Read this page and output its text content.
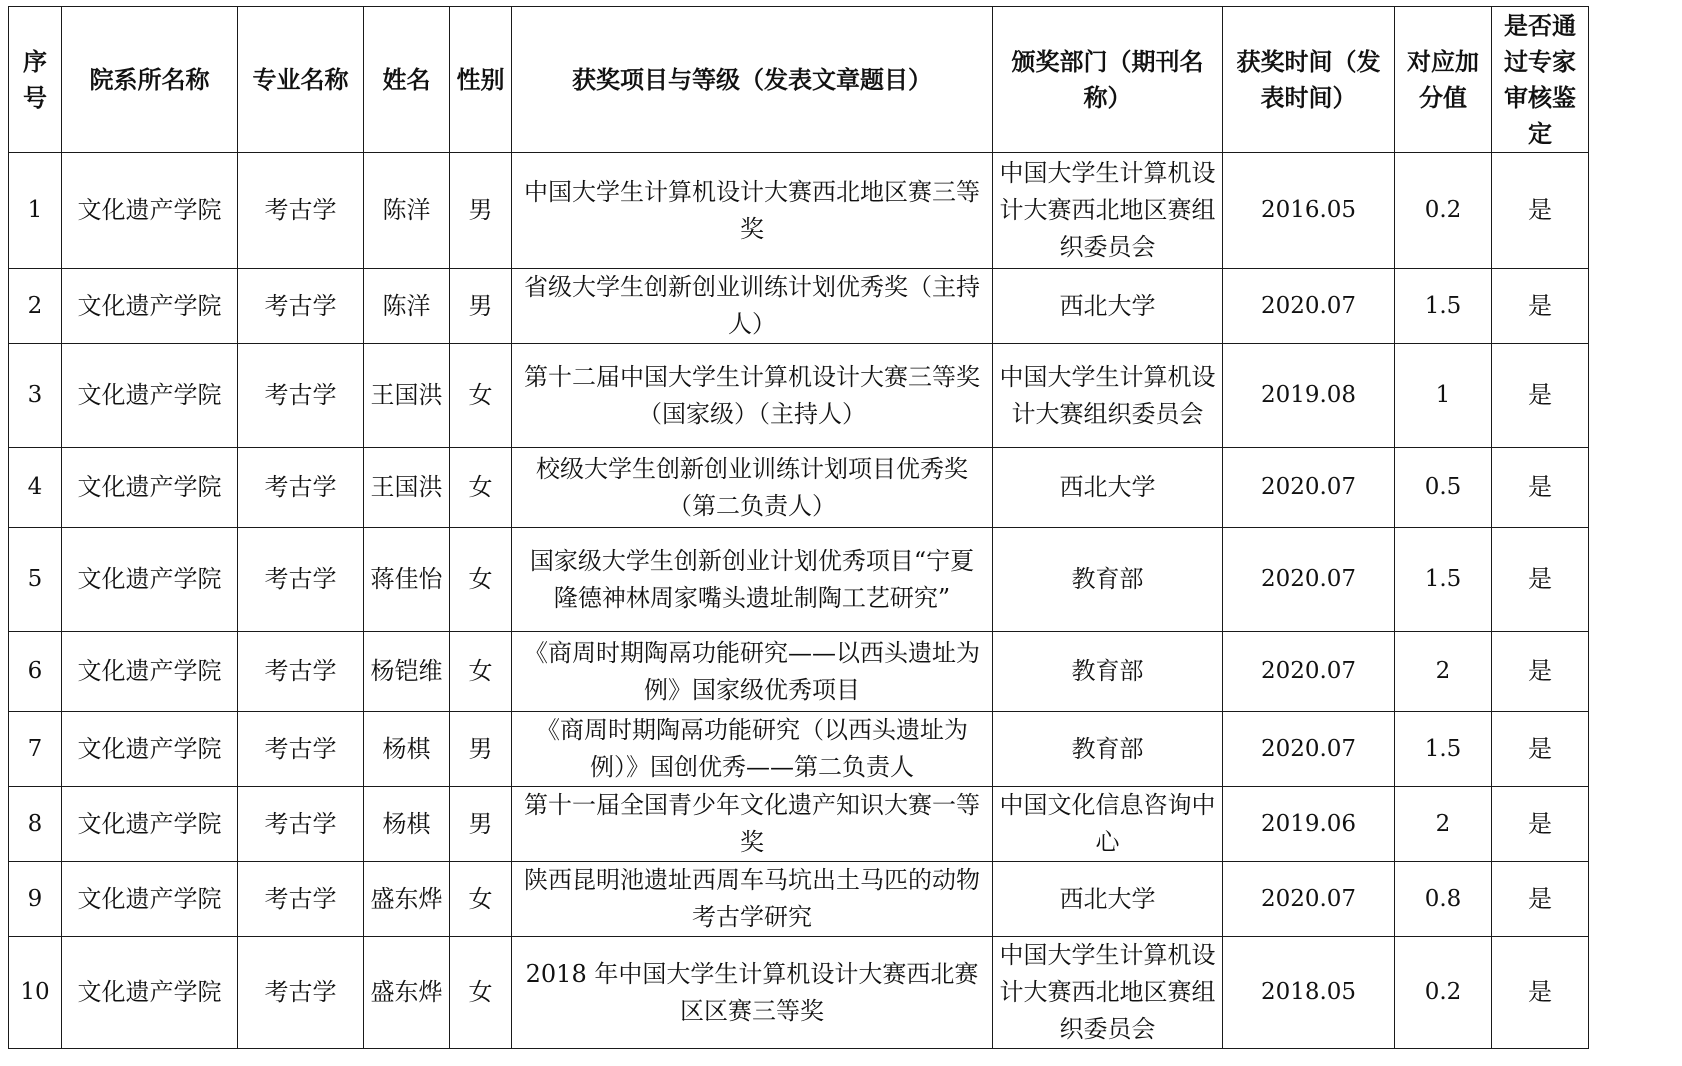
序号	院系所名称	专业名称	姓名	性别	获奖项目与等级（发表文章题目）	颁奖部门（期刊名称）	获奖时间（发表时间）	对应加分值	是否通过专家审核鉴定
1	文化遗产学院	考古学	陈洋	男	中国大学生计算机设计大赛西北地区赛三等奖	中国大学生计算机设计大赛西北地区赛组织委员会	2016.05	0.2	是
2	文化遗产学院	考古学	陈洋	男	省级大学生创新创业训练计划优秀奖（主持人）	西北大学	2020.07	1.5	是
3	文化遗产学院	考古学	王国洪	女	第十二届中国大学生计算机设计大赛三等奖（国家级）（主持人）	中国大学生计算机设计大赛组织委员会	2019.08	1	是
4	文化遗产学院	考古学	王国洪	女	校级大学生创新创业训练计划项目优秀奖（第二负责人）	西北大学	2020.07	0.5	是
5	文化遗产学院	考古学	蒋佳怡	女	国家级大学生创新创业计划优秀项目“宁夏隆德神林周家嘴头遗址制陶工艺研究”	教育部	2020.07	1.5	是
6	文化遗产学院	考古学	杨铠维	女	《商周时期陶鬲功能研究——以西头遗址为例》国家级优秀项目	教育部	2020.07	2	是
7	文化遗产学院	考古学	杨棋	男	《商周时期陶鬲功能研究（以西头遗址为例）》国创优秀——第二负责人	教育部	2020.07	1.5	是
8	文化遗产学院	考古学	杨棋	男	第十一届全国青少年文化遗产知识大赛一等奖	中国文化信息咨询中心	2019.06	2	是
9	文化遗产学院	考古学	盛东烨	女	陕西昆明池遗址西周车马坑出土马匹的动物考古学研究	西北大学	2020.07	0.8	是
10	文化遗产学院	考古学	盛东烨	女	2018 年中国大学生计算机设计大赛西北赛区区赛三等奖	中国大学生计算机设计大赛西北地区赛组织委员会	2018.05	0.2	是
